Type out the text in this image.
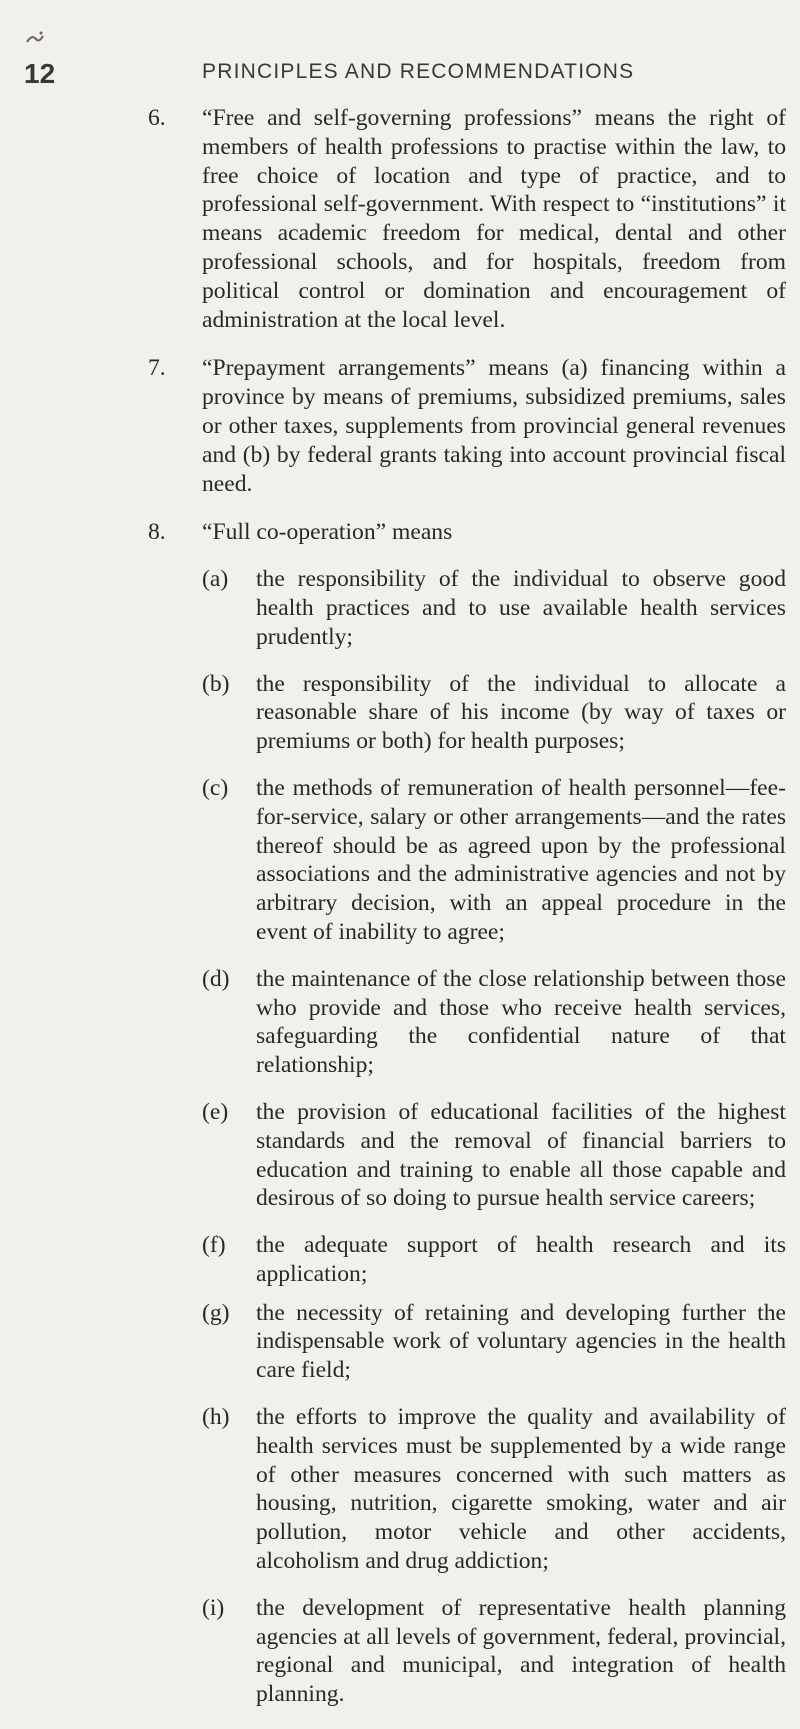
12	PRINCIPLES AND RECOMMENDATIONS
6. “Free and self-governing professions” means the right of members of health professions to practise within the law, to free choice of location and type of practice, and to professional self-government. With respect to “institutions” it means academic freedom for medical, dental and other professional schools, and for hospitals, freedom from political control or domination and encouragement of administration at the local level.
7. “Prepayment arrangements” means (a) financing within a province by means of premiums, subsidized premiums, sales or other taxes, supplements from provincial general revenues and (b) by federal grants taking into account provincial fiscal need.
8. “Full co-operation” means
(a) the responsibility of the individual to observe good health practices and to use available health services prudently;
(b) the responsibility of the individual to allocate a reasonable share of his income (by way of taxes or premiums or both) for health purposes;
(c) the methods of remuneration of health personnel—fee-for-service, salary or other arrangements—and the rates thereof should be as agreed upon by the professional associations and the administrative agencies and not by arbitrary decision, with an appeal procedure in the event of inability to agree;
(d) the maintenance of the close relationship between those who provide and those who receive health services, safeguarding the confidential nature of that relationship;
(e) the provision of educational facilities of the highest standards and the removal of financial barriers to education and training to enable all those capable and desirous of so doing to pursue health service careers;
(f) the adequate support of health research and its application;
(g) the necessity of retaining and developing further the indispensable work of voluntary agencies in the health care field;
(h) the efforts to improve the quality and availability of health services must be supplemented by a wide range of other measures concerned with such matters as housing, nutrition, cigarette smoking, water and air pollution, motor vehicle and other accidents, alcoholism and drug addiction;
(i) the development of representative health planning agencies at all levels of government, federal, provincial, regional and municipal, and integration of health planning.
